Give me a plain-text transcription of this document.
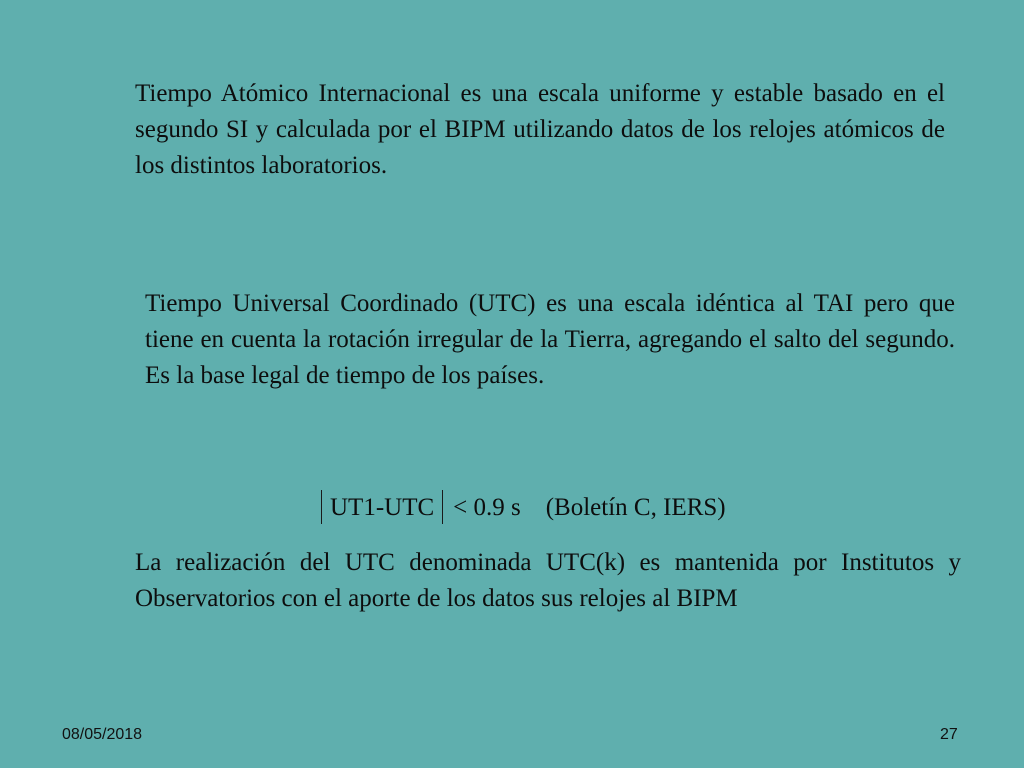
Tiempo Atómico Internacional es una escala uniforme y estable basado en el segundo SI y calculada por el BIPM utilizando datos de los relojes atómicos de los distintos laboratorios.

Tiempo Universal Coordinado (UTC) es una escala idéntica al TAI pero que tiene en cuenta la rotación irregular de la Tierra, agregando el salto del segundo. Es la base legal de tiempo de los países.

UT1-UTC < 0.9 s (Boletín C, IERS)

La realización del UTC denominada UTC(k) es mantenida por Institutos y Observatorios con el aporte de los datos sus relojes al BIPM

08/05/2018	27
